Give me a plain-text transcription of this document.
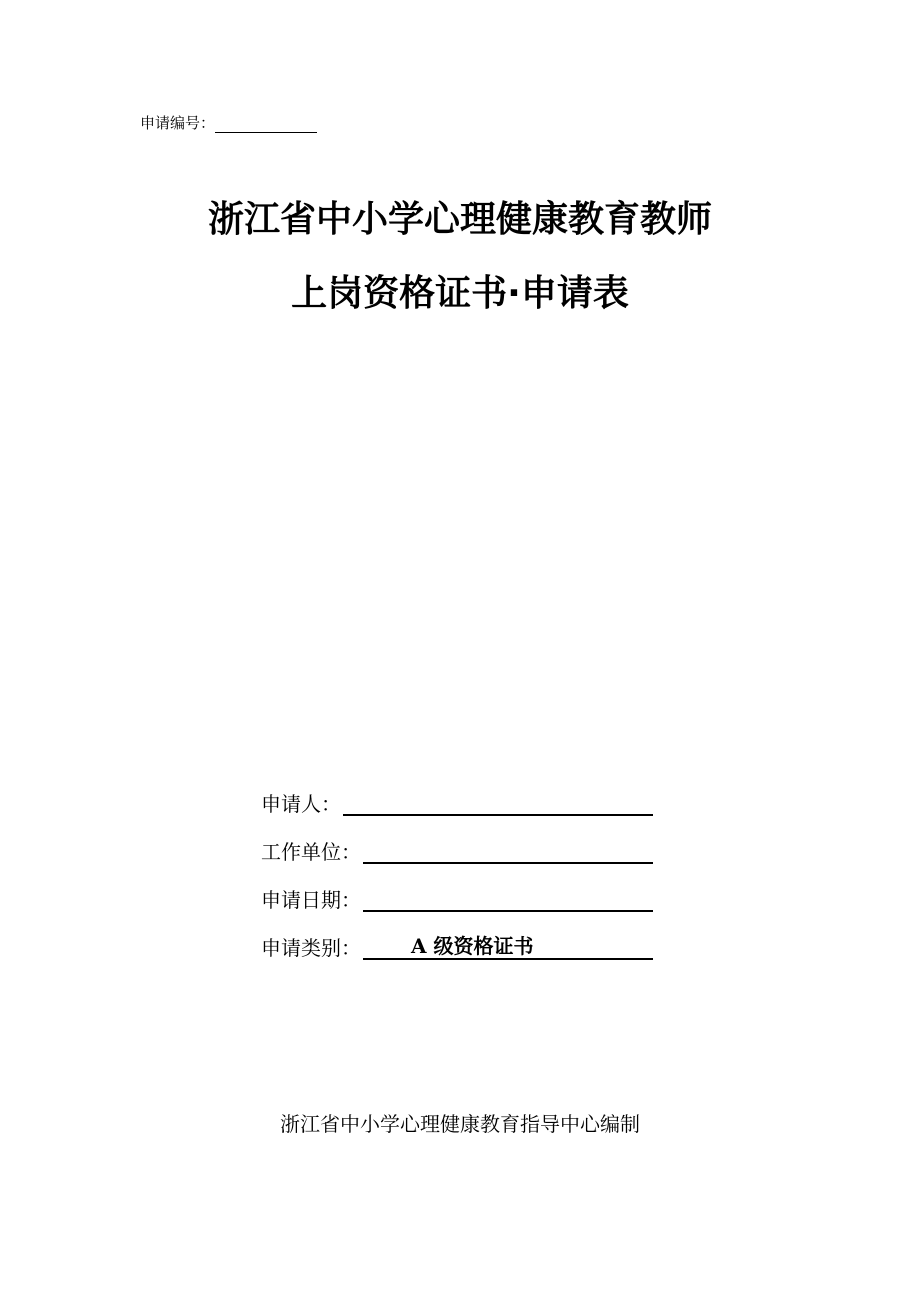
申请编号：
浙江省中小学心理健康教育教师
上岗资格证书·申请表
申请人：
工作单位：
申请日期：
申请类别：	A 级资格证书
浙江省中小学心理健康教育指导中心编制
